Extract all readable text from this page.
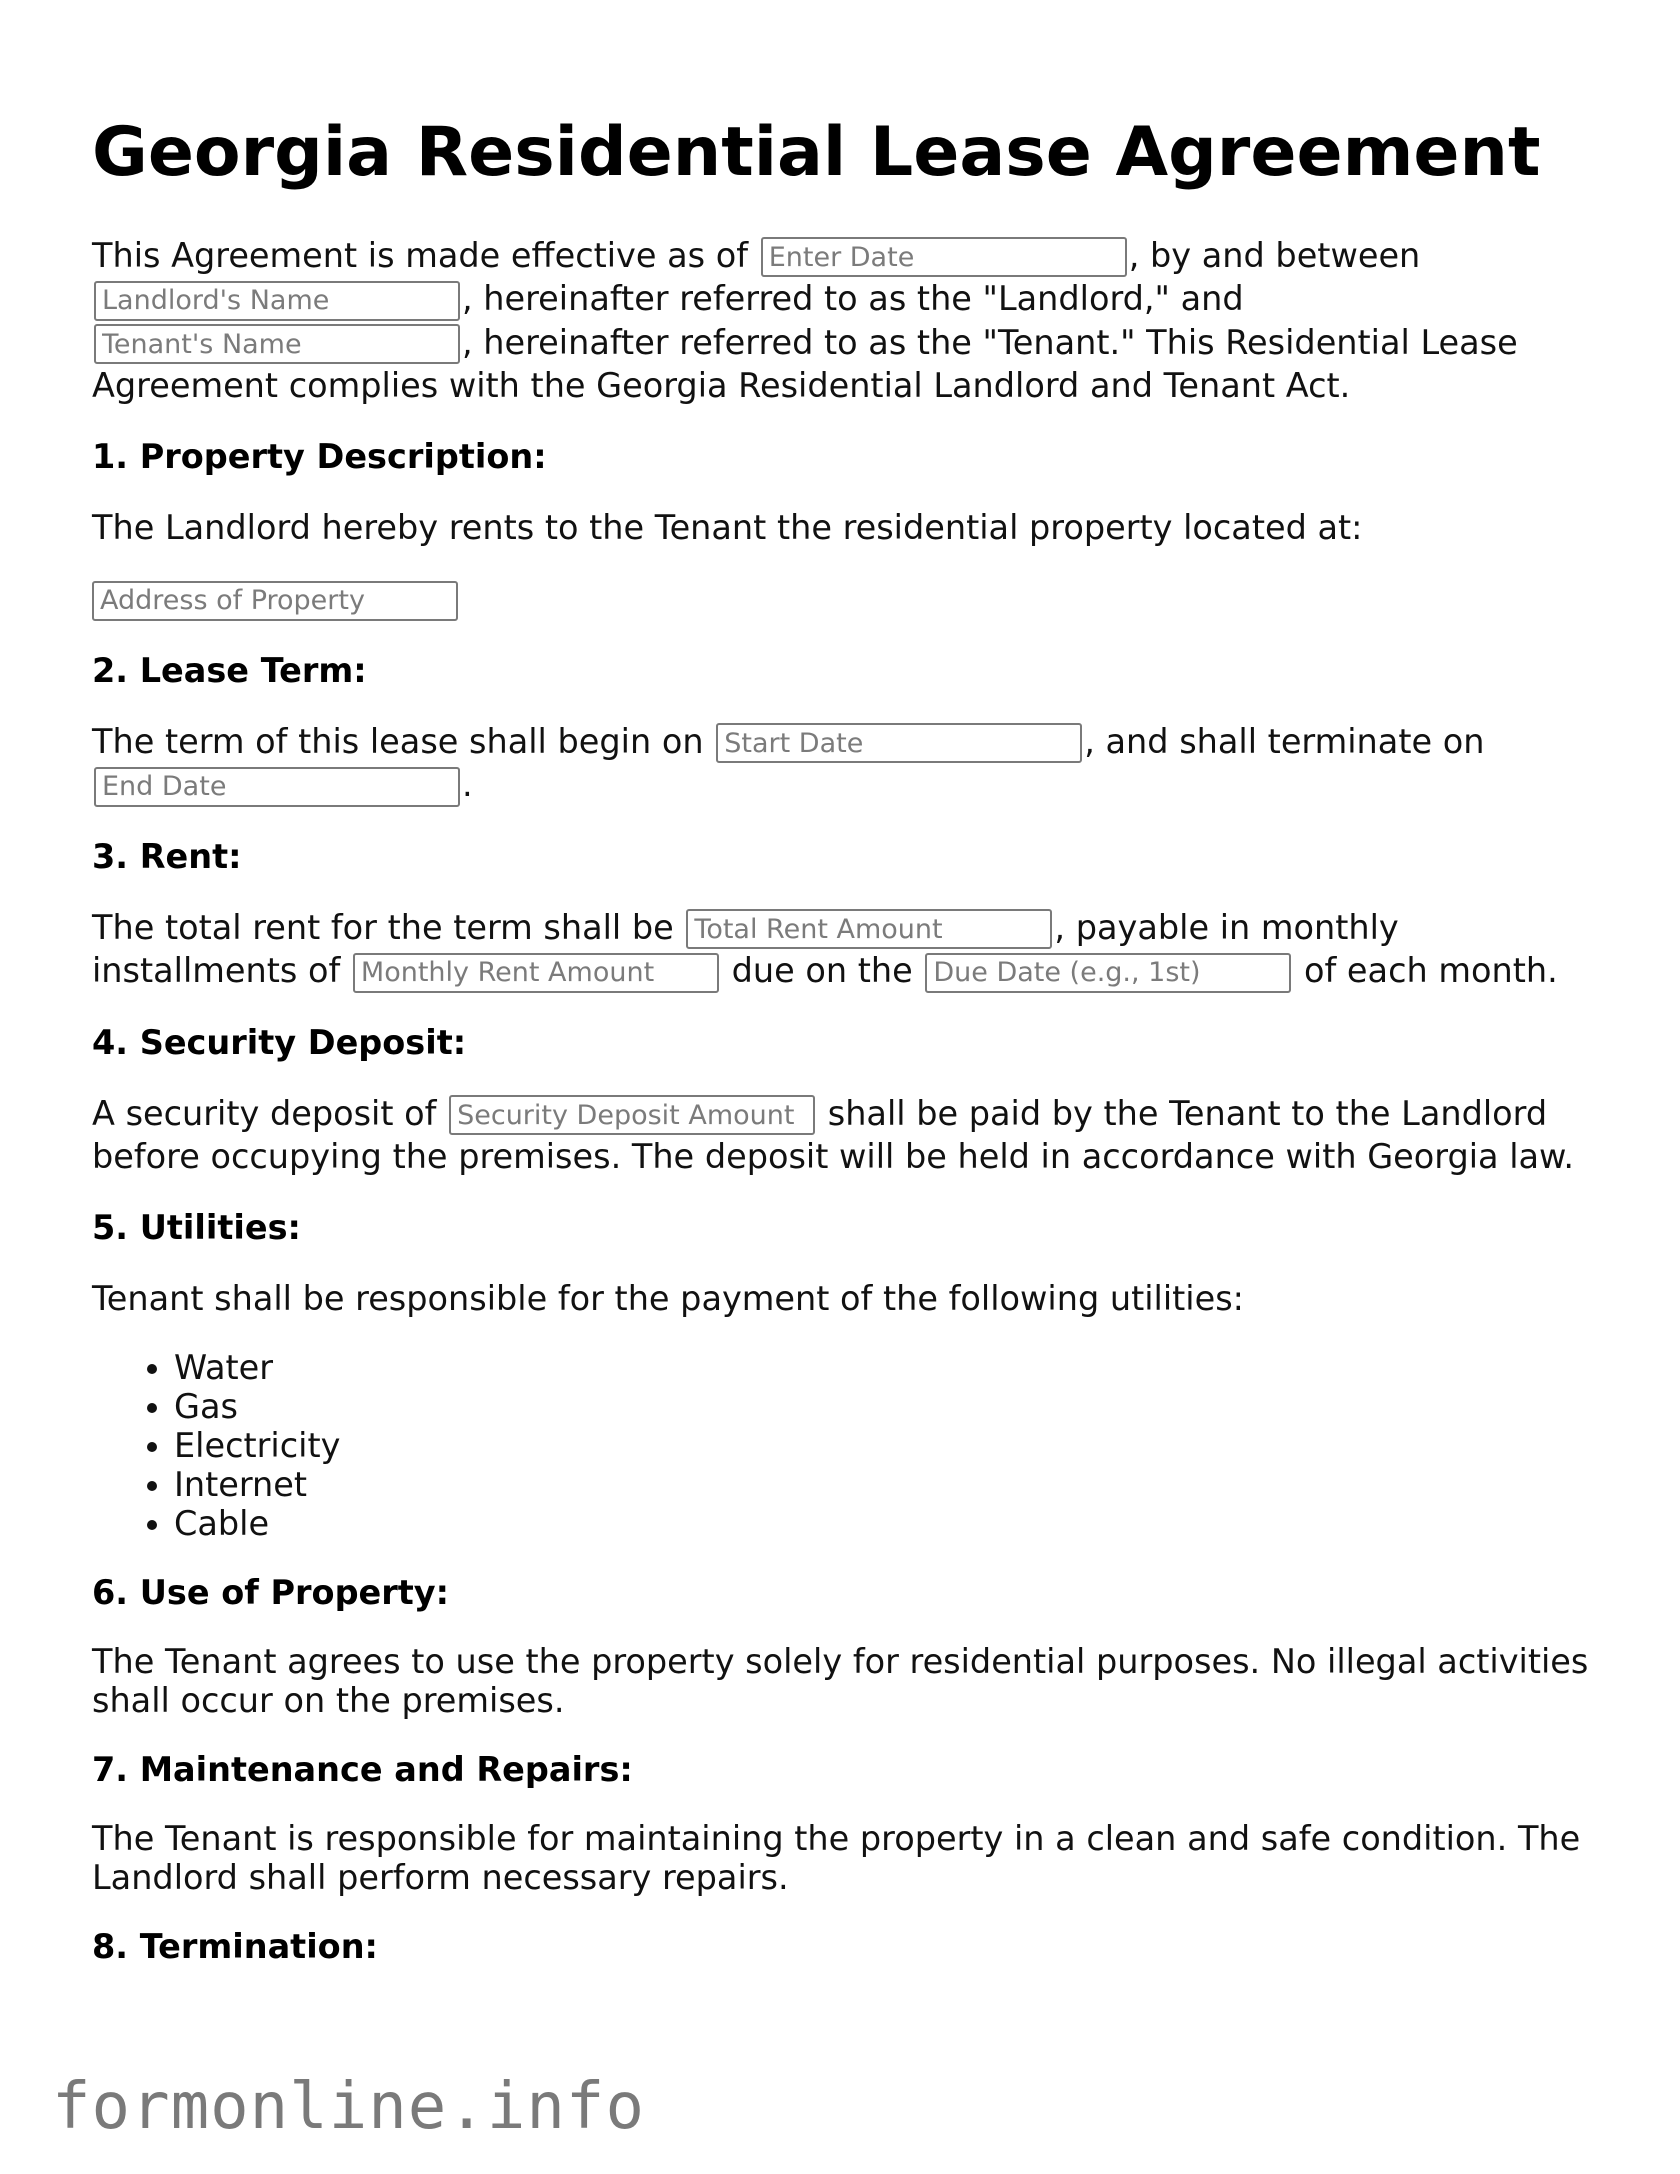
Georgia Residential Lease Agreement

This Agreement is made effective as of Enter Date	, by and between Landlord's Name, hereinafter referred to as the "Landlord," and Tenant's Name, hereinafter referred to as the "Tenant." This Residential Lease Agreement complies with the Georgia Residential Landlord and Tenant Act.

1. Property Description:

The Landlord hereby rents to the Tenant the residential property located at:

Address of Property

2. Lease Term:

The term of this lease shall begin on Start Date	, and shall terminate on End Date.

3. Rent:

The total rent for the term shall be Total Rent Amount	, payable in monthly installments of Monthly Rent Amount	due on the Due Date (e.g., 1st)	of each month.

4. Security Deposit:

A security deposit of Security Deposit Amount	shall be paid by the Tenant to the Landlord before occupying the premises. The deposit will be held in accordance with Georgia law.

5. Utilities:

Tenant shall be responsible for the payment of the following utilities:

• Water
• Gas
• Electricity
• Internet
• Cable
6. Use of Property:

The Tenant agrees to use the property solely for residential purposes. No illegal activities shall occur on the premises.

7. Maintenance and Repairs:

The Tenant is responsible for maintaining the property in a clean and safe condition. The Landlord shall perform necessary repairs.

8. Termination:
formonline.info
